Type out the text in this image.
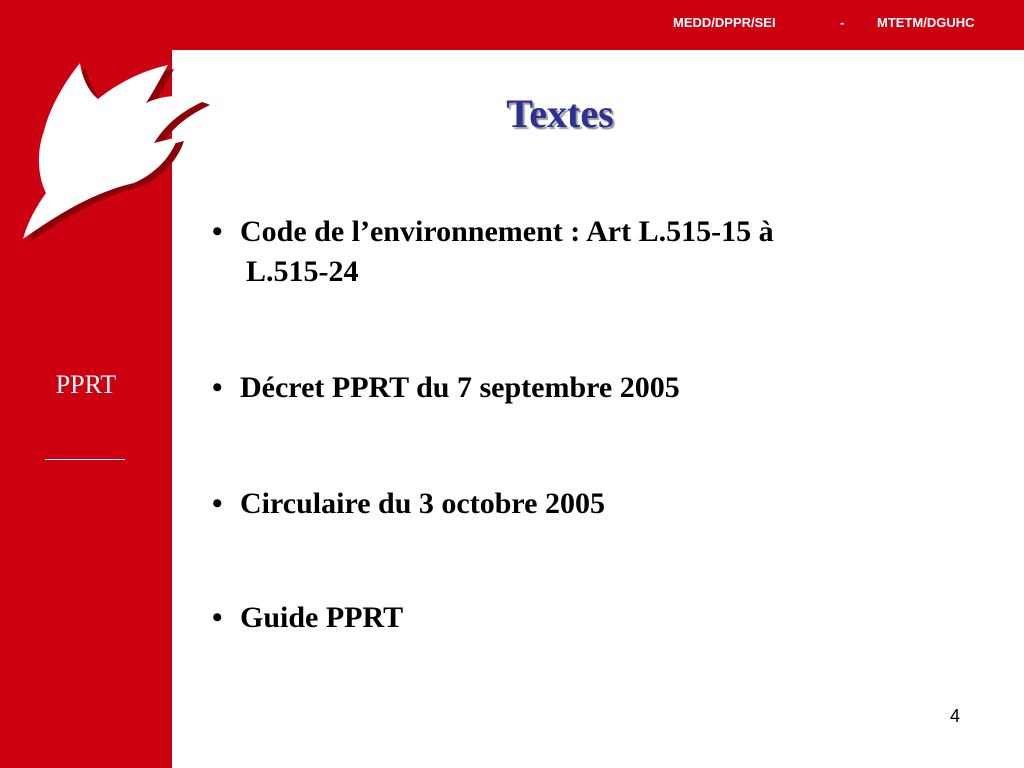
MEDD/DPPR/SEI	-	MTETM/DGUHC
PPRT
Textes
• Code de l’environnement : Art L.515-15 à
L.515-24
• Décret PPRT du 7 septembre 2005
• Circulaire du 3 octobre 2005
• Guide PPRT
4
